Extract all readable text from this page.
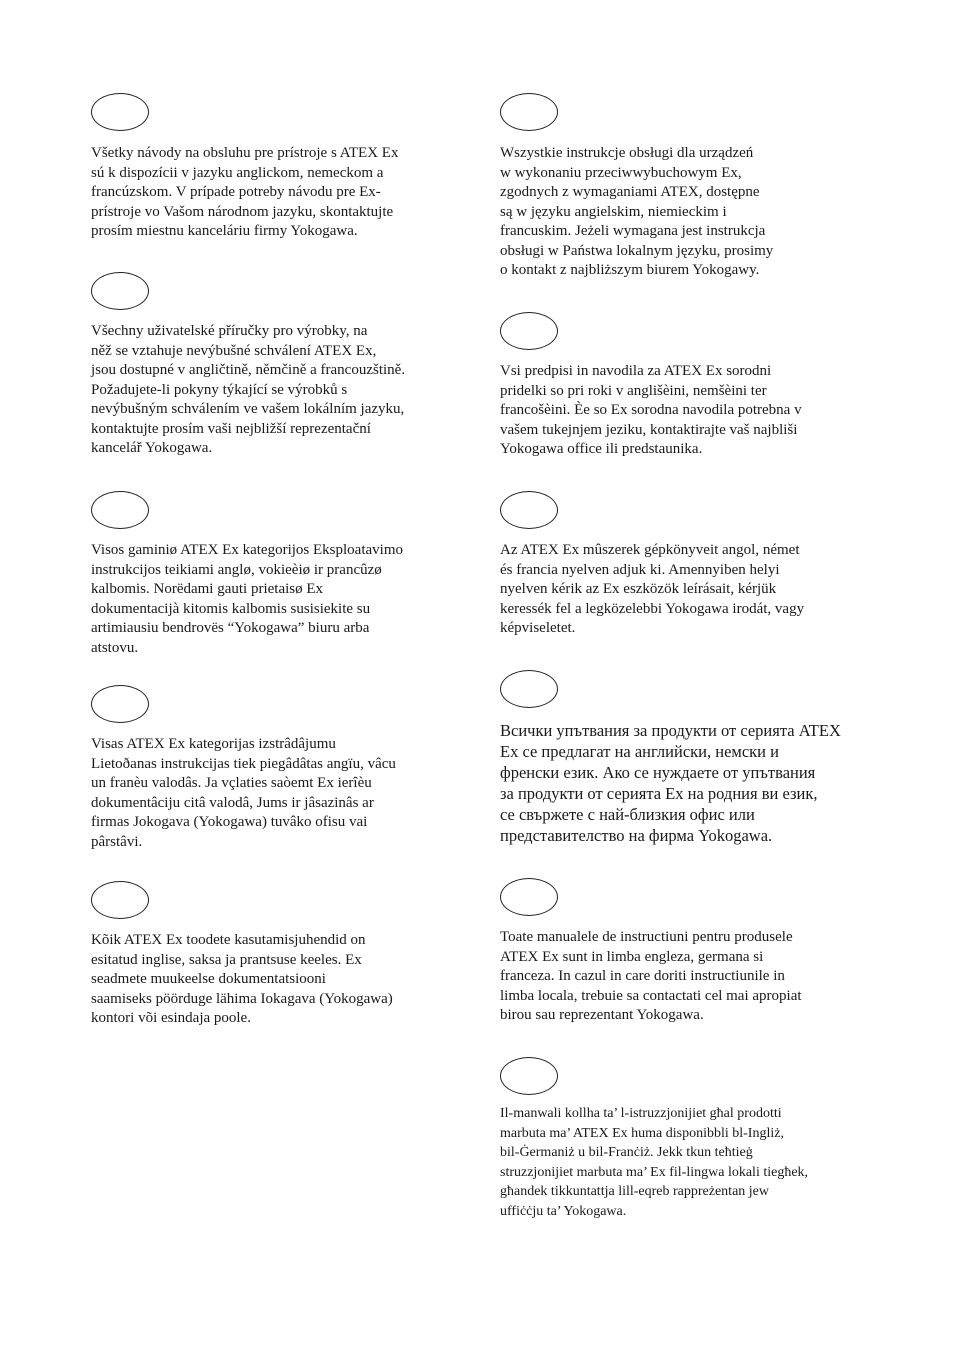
Všetky návody na obsluhu pre prístroje s ATEX Ex
sú k dispozícii v jazyku anglickom, nemeckom a
francúzskom. V prípade potreby návodu pre Ex-
prístroje vo Vašom národnom jazyku, skontaktujte
prosím miestnu kanceláriu firmy Yokogawa.
Všechny uživatelské příručky pro výrobky, na
něž se vztahuje nevýbušné schválení ATEX Ex,
jsou dostupné v angličtině, němčině a francouzštině.
Požadujete-li pokyny týkající se výrobků s
nevýbušným schválením ve vašem lokálním jazyku,
kontaktujte prosím vaši nejbližší reprezentační
kancelář Yokogawa.
Visos gaminiø ATEX Ex kategorijos Eksploatavimo
instrukcijos teikiami anglø, vokieèiø ir prancûzø
kalbomis. Norëdami gauti prietaisø Ex
dokumentacijà kitomis kalbomis susisiekite su
artimiausiu bendrovës “Yokogawa” biuru arba
atstovu.
Visas ATEX Ex kategorijas izstrâdâjumu
Lietoðanas instrukcijas tiek piegâdâtas angïu, vâcu
un franèu valodâs. Ja vçlaties saòemt Ex ierîèu
dokumentâciju citâ valodâ, Jums ir jâsazinâs ar
firmas Jokogava (Yokogawa) tuvâko ofisu vai
pârstâvi.
Kõik ATEX Ex toodete kasutamisjuhendid on
esitatud inglise, saksa ja prantsuse keeles. Ex
seadmete muukeelse dokumentatsiooni
saamiseks pöörduge lähima Iokagava (Yokogawa)
kontori või esindaja poole.
Wszystkie instrukcje obsługi dla urządzeń
w wykonaniu przeciwwybuchowym Ex,
zgodnych z wymaganiami ATEX, dostępne
są w języku angielskim, niemieckim i
francuskim. Jeżeli wymagana jest instrukcja
obsługi w Państwa lokalnym języku, prosimy
o kontakt z najbliższym biurem Yokogawy.
Vsi predpisi in navodila za ATEX Ex sorodni
pridelki so pri roki v anglišèini, nemšèini ter
francošèini. Èe so Ex sorodna navodila potrebna v
vašem tukejnjem jeziku, kontaktirajte vaš najbliši
Yokogawa office ili predstaunika.
Az ATEX Ex mûszerek gépkönyveit angol, német
és francia nyelven adjuk ki. Amennyiben helyi
nyelven kérik az Ex eszközök leírásait, kérjük
keressék fel a legközelebbi Yokogawa irodát, vagy
képviseletet.
Всички упътвания за продукти от серията ATEX
Ex се предлагат на английски, немски и
френски език. Ако се нуждаете от упътвания
за продукти от серията Ex на родния ви език,
се свържете с най-близкия офис или
представителство на фирма Yokogawa.
Toate manualele de instructiuni pentru produsele
ATEX Ex sunt in limba engleza, germana si
franceza. In cazul in care doriti instructiunile in
limba locala, trebuie sa contactati cel mai apropiat
birou sau reprezentant Yokogawa.
Il-manwali kollha ta’ l-istruzzjonijiet għal prodotti
marbuta ma’ ATEX Ex huma disponibbli bl-Ingliż,
bil-Ġermaniż u bil-Franċiż. Jekk tkun teħtieġ
struzzjonijiet marbuta ma’ Ex fil-lingwa lokali tiegħek,
għandek tikkuntattja lill-eqreb rappreżentan jew
uffiċċju ta’ Yokogawa.
